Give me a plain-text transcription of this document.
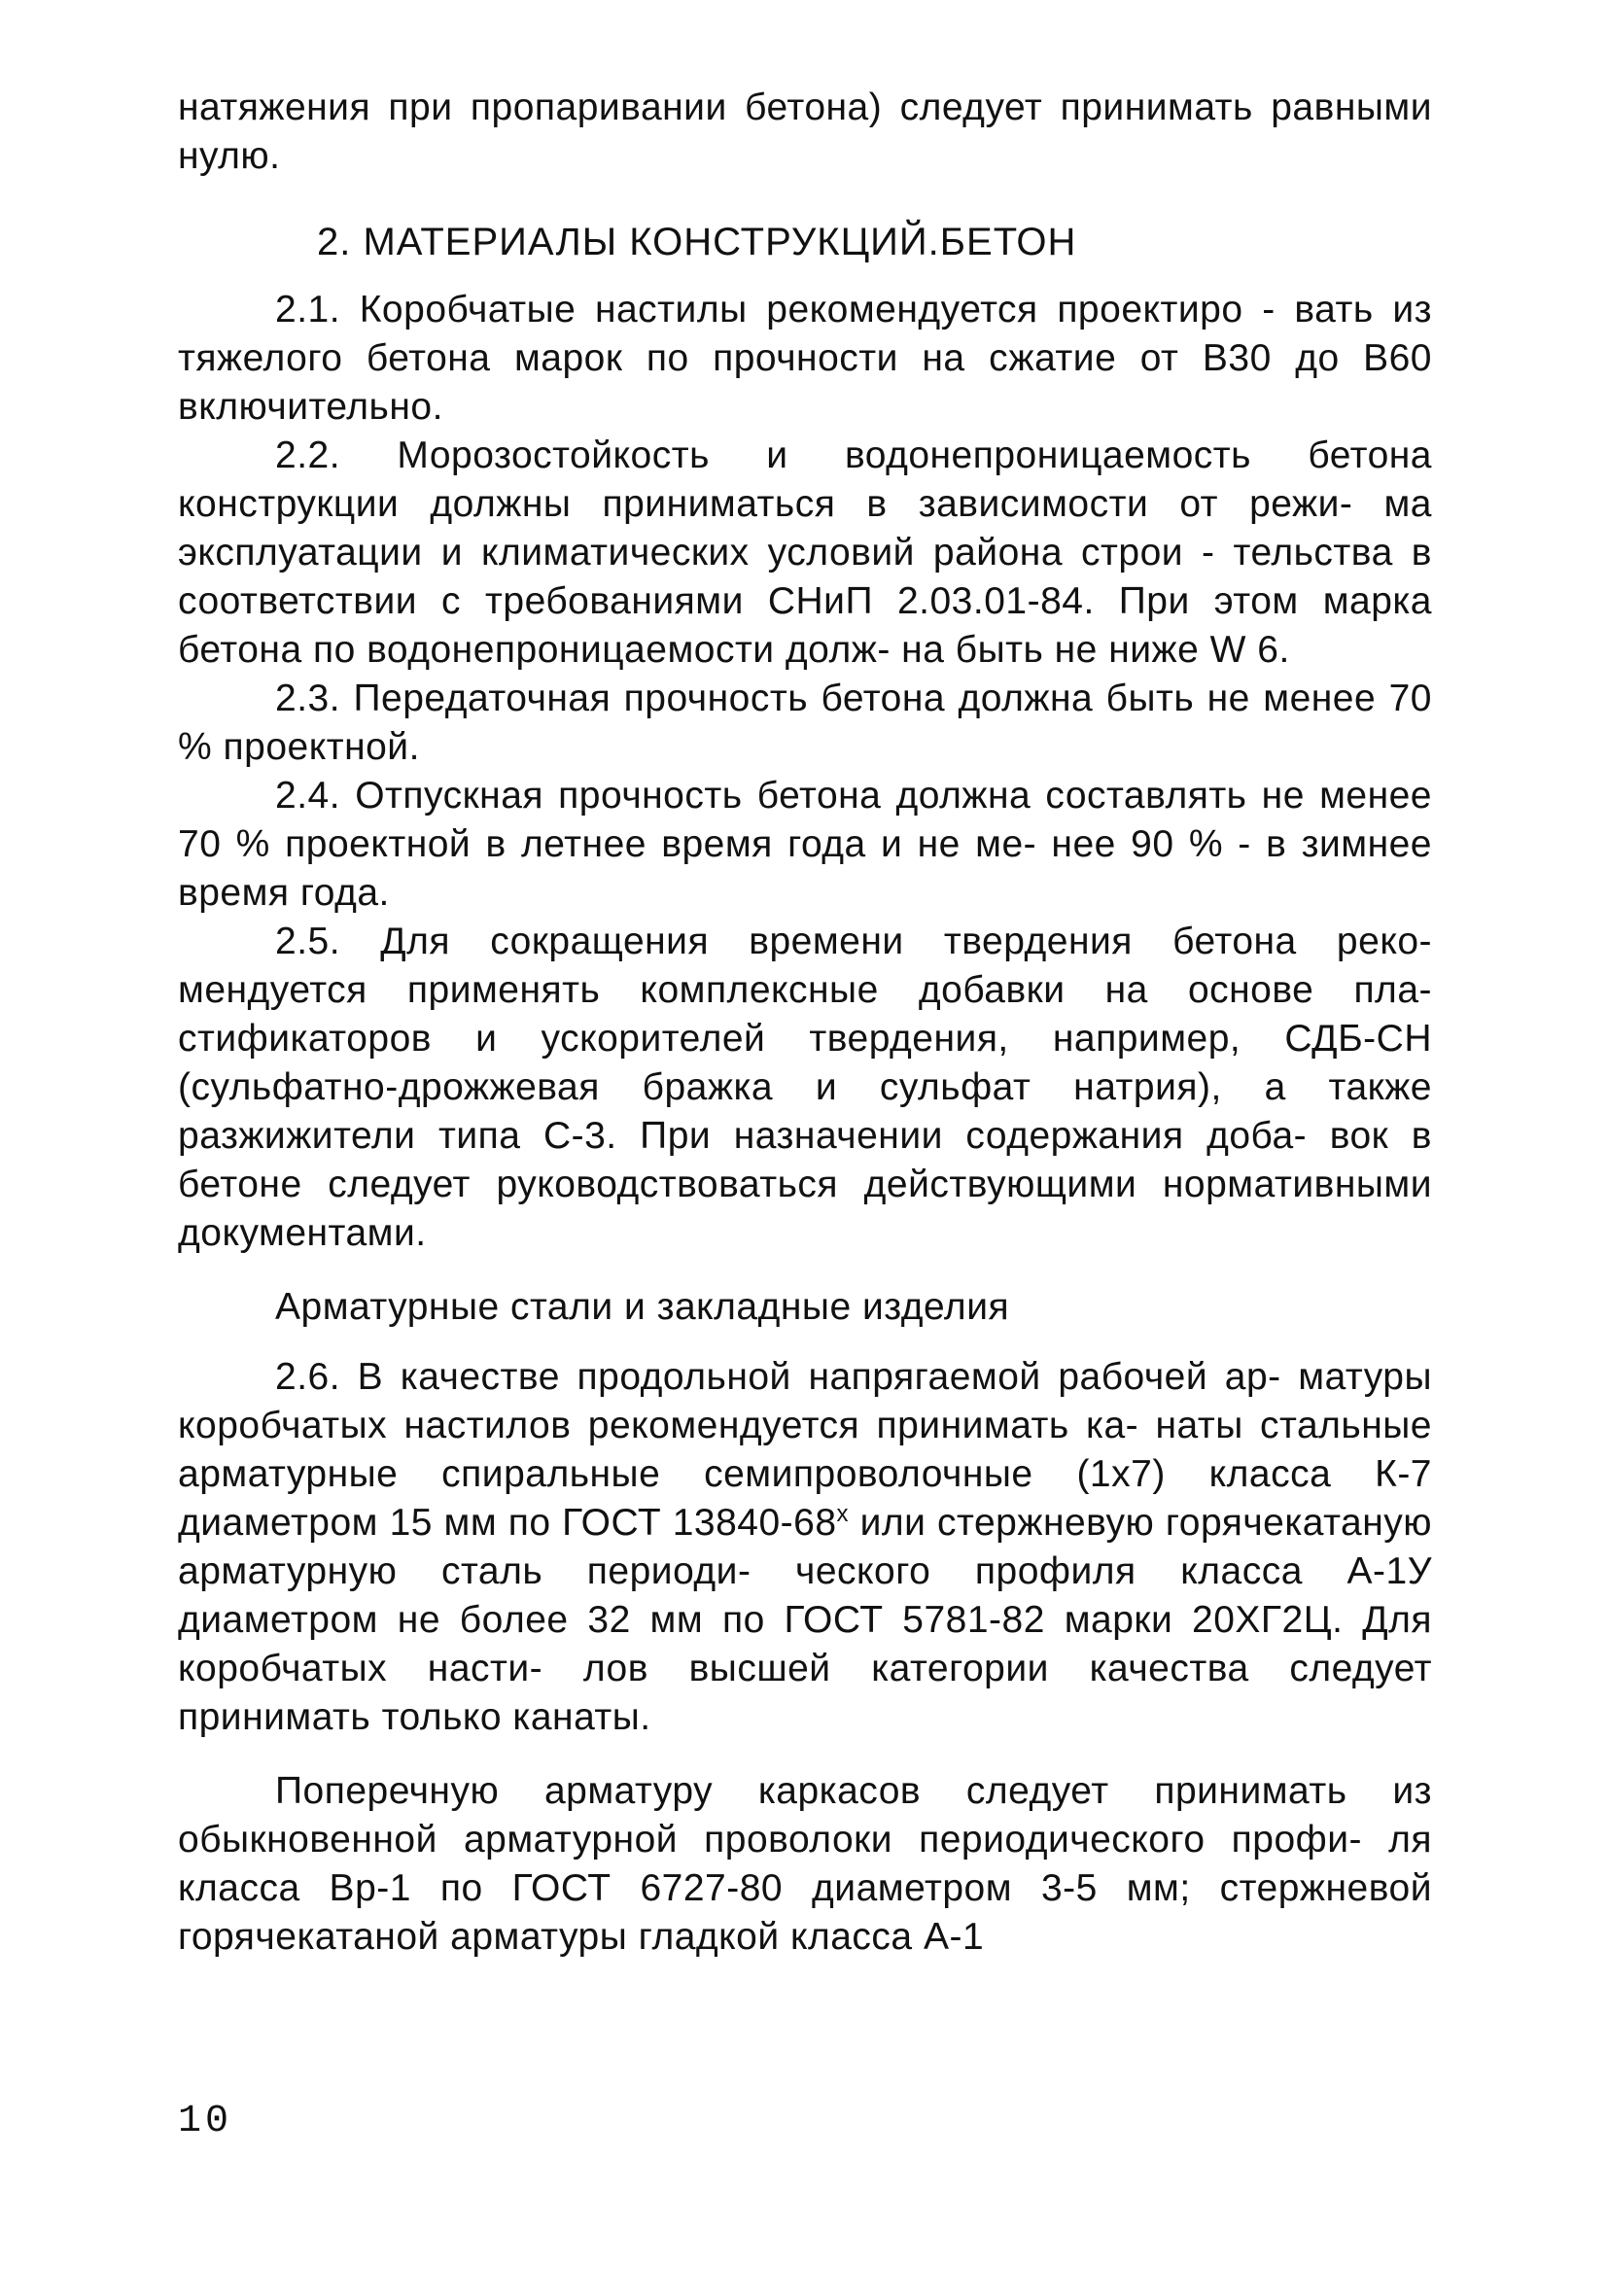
натяжения при пропаривании бетона) следует принимать равными нулю.

2. МАТЕРИАЛЫ КОНСТРУКЦИЙ.БЕТОН

2.1. Коробчатые настилы рекомендуется проектиро - вать из тяжелого бетона марок по прочности на сжатие от В30 до В60 включительно.

2.2. Морозостойкость и водонепроницаемость бетона конструкции должны приниматься в зависимости от режи- ма эксплуатации и климатических условий района строи - тельства в соответствии с требованиями СНиП 2.03.01-84. При этом марка бетона по водонепроницаемости долж- на быть не ниже W 6.

2.3. Передаточная прочность бетона должна быть не менее 70 % проектной.

2.4. Отпускная прочность бетона должна составлять не менее 70 % проектной в летнее время года и не ме- нее 90 % - в зимнее время года.

2.5. Для сокращения времени твердения бетона реко- мендуется применять комплексные добавки на основе пла- стификаторов и ускорителей твердения, например, СДБ-СН (сульфатно-дрожжевая бражка и сульфат натрия), а также разжижители типа С-3. При назначении содержания доба- вок в бетоне следует руководствоваться действующими нормативными документами.

Арматурные стали и закладные изделия

2.6. В качестве продольной напрягаемой рабочей ар- матуры коробчатых настилов рекомендуется принимать ка- наты стальные арматурные спиральные семипроволочные (1х7) класса К-7 диаметром 15 мм по ГОСТ $13840-68^х$ или стержневую горячекатаную арматурную сталь периоди- ческого профиля класса А-1У диаметром не более 32 мм по ГОСТ 5781-82 марки 20ХГ2Ц. Для коробчатых насти- лов высшей категории качества следует принимать только канаты.

Поперечную арматуру каркасов следует принимать из обыкновенной арматурной проволоки периодического профи- ля класса Вр-1 по ГОСТ 6727-80 диаметром 3-5 мм; стержневой горячекатаной арматуры гладкой класса А-1

10
